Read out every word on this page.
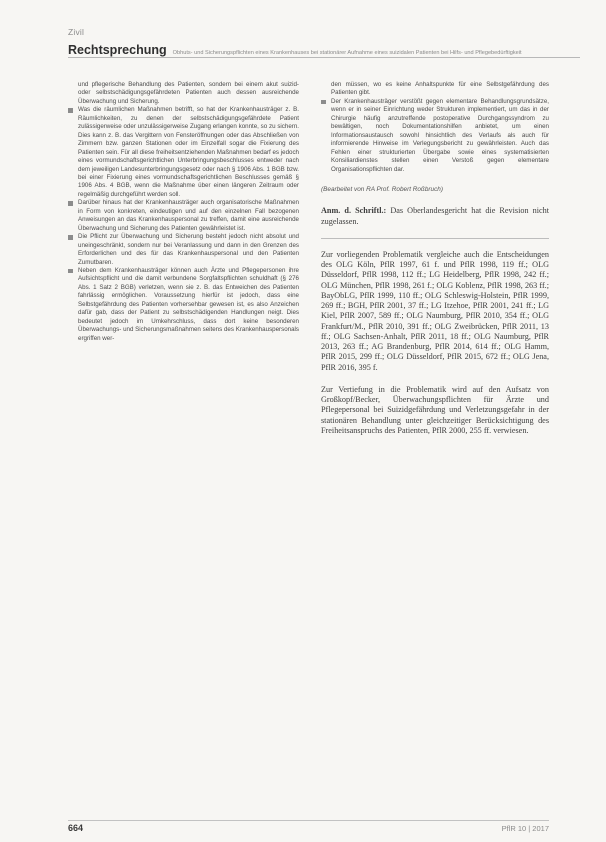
Zivil
Rechtsprechung Obhuts- und Sicherungspflichten eines Krankenhauses bei stationärer Aufnahme eines suizidalen Patienten bei Hilfs- und Pflegebedürftigkeit

und pflegerische Behandlung des Patienten, sondern bei einem akut suizid- oder selbstschädigungsgefährdeten Patienten auch dessen ausreichende Überwachung und Sicherung.

Was die räumlichen Maßnahmen betrifft, so hat der Krankenhausträger z. B. Räumlichkeiten, zu denen der selbstschädigungsgefährdete Patient zulässigerweise oder unzulässigerweise Zugang erlangen konnte, so zu sichern. Dies kann z. B. das Vergittern von Fensteröffnungen oder das Abschließen von Zimmern bzw. ganzen Stationen oder im Einzelfall sogar die Fixierung des Patienten sein. Für all diese freiheitsentziehenden Maßnahmen bedarf es jedoch eines vormundschaftsgerichtlichen Unterbringungsbeschlusses entweder nach dem jeweiligen Landesunterbringungsgesetz oder nach § 1906 Abs. 1 BGB bzw. bei einer Fixierung eines vormundschaftsgerichtlichen Beschlusses gemäß § 1906 Abs. 4 BGB, wenn die Maßnahme über einen längeren Zeitraum oder regelmäßig durchgeführt werden soll.
Darüber hinaus hat der Krankenhausträger auch organisatorische Maßnahmen in Form von konkreten, eindeutigen und auf den einzelnen Fall bezogenen Anweisungen an das Krankenhauspersonal zu treffen, damit eine ausreichende Überwachung und Sicherung des Patienten gewährleistet ist.
Die Pflicht zur Überwachung und Sicherung besteht jedoch nicht absolut und uneingeschränkt, sondern nur bei Veranlassung und dann in den Grenzen des Erforderlichen und des für das Krankenhauspersonal und den Patienten Zumutbaren.
Neben dem Krankenhausträger können auch Ärzte und Pflegepersonen ihre Aufsichtspflicht und die damit verbundene Sorgfaltspflichten schuldhaft (§ 276 Abs. 1 Satz 2 BGB) verletzen, wenn sie z. B. das Entweichen des Patienten fahrlässig ermöglichen. Voraussetzung hierfür ist jedoch, dass eine Selbstgefährdung des Patienten vorhersehbar gewesen ist, es also Anzeichen dafür gab, dass der Patient zu selbstschädigenden Handlungen neigt. Dies bedeutet jedoch im Umkehrschluss, dass dort keine besonderen Überwachungs- und Sicherungsmaßnahmen seitens des Krankenhauspersonals ergriffen wer-

den müssen, wo es keine Anhaltspunkte für eine Selbstgefährdung des Patienten gibt.

Der Krankenhausträger verstößt gegen elementare Behandlungsgrundsätze, wenn er in seiner Einrichtung weder Strukturen implementiert, um das in der Chirurgie häufig anzutreffende postoperative Durchgangssyndrom zu bewältigen, noch Dokumentationshilfen anbietet, um einen Informationsaustausch sowohl hinsichtlich des Verlaufs als auch für informierende Hinweise im Verlegungsbericht zu gewährleisten. Auch das Fehlen einer strukturierten Übergabe sowie eines systematisierten Konsiliardienstes stellen einen Verstoß gegen elementare Organisationspflichten dar.
(Bearbeitet von RA Prof. Robert Roßbruch)
Anm. d. Schriftl.: Das Oberlandesgericht hat die Revision nicht zugelassen.

Zur vorliegenden Problematik vergleiche auch die Entscheidungen des OLG Köln, PflR 1997, 61 f. und PflR 1998, 119 ff.; OLG Düsseldorf, PflR 1998, 112 ff.; LG Heidelberg, PflR 1998, 242 ff.; OLG München, PflR 1998, 261 f.; OLG Koblenz, PflR 1998, 263 ff.; BayObLG, PflR 1999, 110 ff.; OLG Schleswig-Holstein, PflR 1999, 269 ff.; BGH, PflR 2001, 37 ff.; LG Itzehoe, PflR 2001, 241 ff.; LG Kiel, PflR 2007, 589 ff.; OLG Naumburg, PflR 2010, 354 ff.; OLG Frankfurt/M., PflR 2010, 391 ff.; OLG Zweibrücken, PflR 2011, 13 ff.; OLG Sachsen-Anhalt, PflR 2011, 18 ff.; OLG Naumburg, PflR 2013, 263 ff.; AG Brandenburg, PflR 2014, 614 ff.; OLG Hamm, PflR 2015, 299 ff.; OLG Düsseldorf, PflR 2015, 672 ff.; OLG Jena, PflR 2016, 395 f.

Zur Vertiefung in die Problematik wird auf den Aufsatz von Großkopf/Becker, Überwachungspflichten für Ärzte und Pflegepersonal bei Suizidgefährdung und Verletzungsgefahr in der stationären Behandlung unter gleichzeitiger Berücksichtigung des Freiheitsanspruchs des Patienten, PflR 2000, 255 ff. verwiesen.

664	PflR 10 | 2017
